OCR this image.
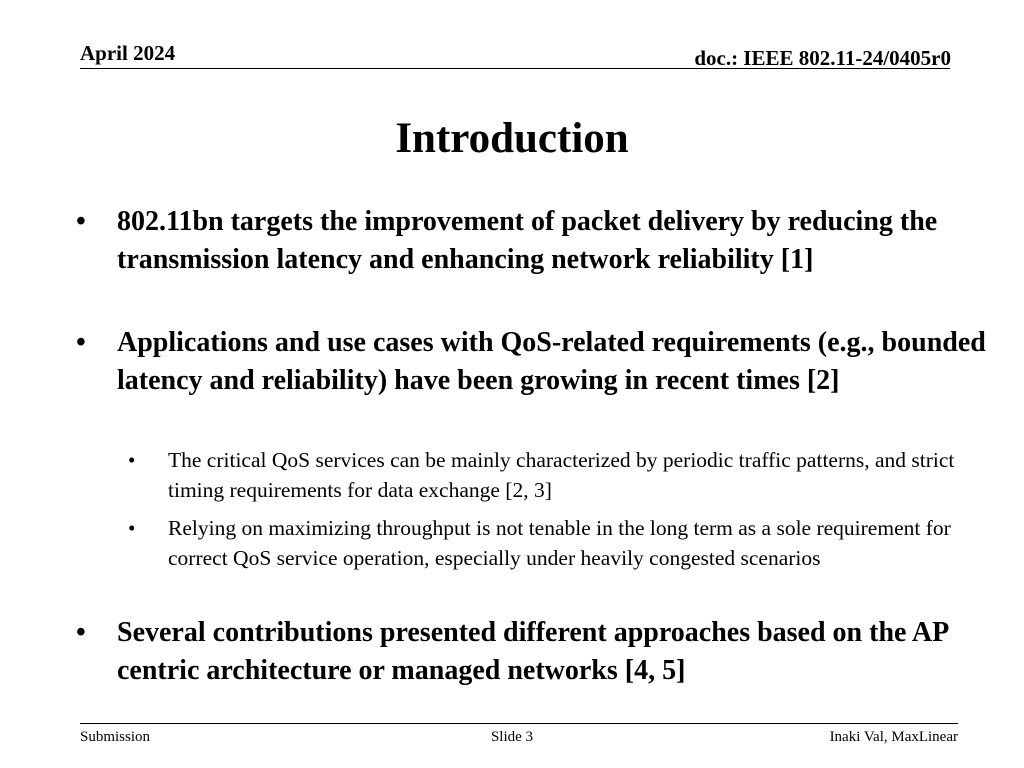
April 2024	doc.: IEEE 802.11-24/0405r0
Introduction
• 802.11bn targets the improvement of packet delivery by reducing the transmission latency and enhancing network reliability [1]
• Applications and use cases with QoS-related requirements (e.g., bounded latency and reliability) have been growing in recent times [2]
• The critical QoS services can be mainly characterized by periodic traffic patterns, and strict timing requirements for data exchange [2, 3]
• Relying on maximizing throughput is not tenable in the long term as a sole requirement for correct QoS service operation, especially under heavily congested scenarios
• Several contributions presented different approaches based on the AP centric architecture or managed networks [4, 5]
Submission	Slide 3	Inaki Val, MaxLinear
